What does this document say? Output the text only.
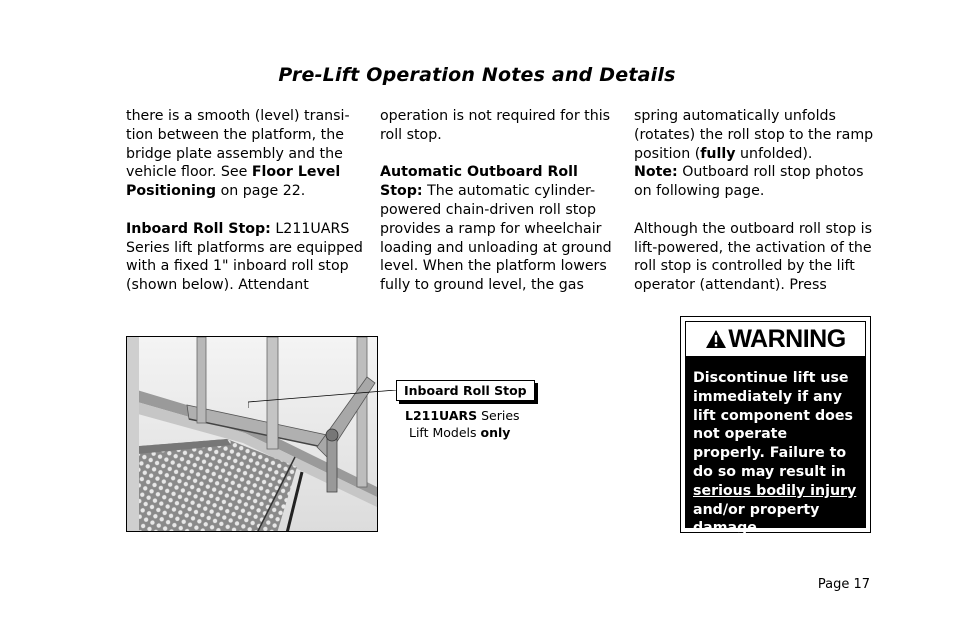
Pre-Lift Operation Notes and Details

there is a smooth (level) transi-tion between the platform, the bridge plate assembly and the vehicle floor. See Floor Level Positioning on page 22.

Inboard Roll Stop: L211UARS Series lift platforms are equipped with a fixed 1" inboard roll stop (shown below). Attendant

operation is not required for this roll stop.

Automatic Outboard Roll Stop: The automatic cylinder-powered chain-driven roll stop provides a ramp for wheelchair loading and unloading at ground level. When the platform lowers fully to ground level, the gas

spring automatically unfolds (rotates) the roll stop to the ramp position (fully unfolded).
Note: Outboard roll stop photos on following page.

Although the outboard roll stop is lift-powered, the activation of the roll stop is controlled by the lift operator (attendant). Press

Inboard Roll Stop
L211UARS Series
Lift Models only
WARNING
Discontinue lift use immediately if any lift component does not operate properly. Failure to do so may result in serious bodily injury and/or property damage.
Page 17
